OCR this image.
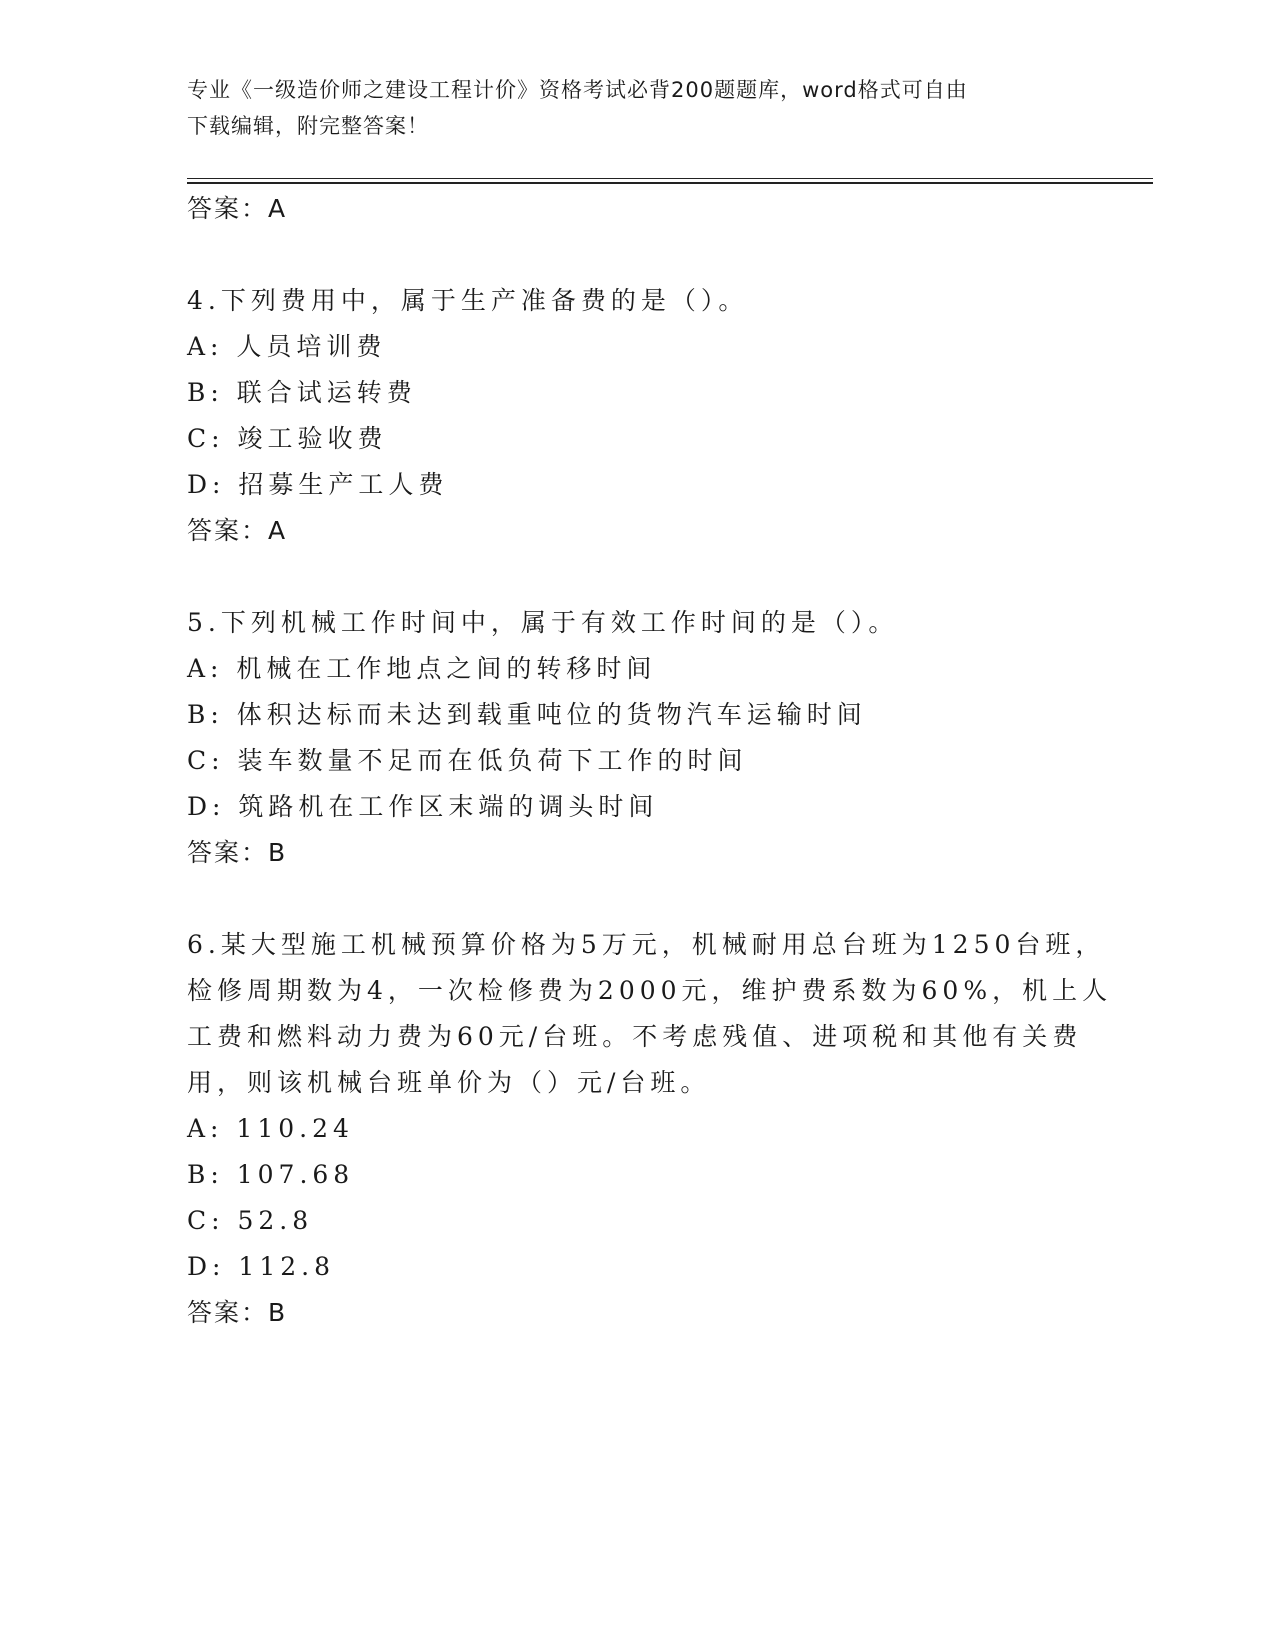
专业《一级造价师之建设工程计价》资格考试必背200题题库，word格式可自由
下载编辑，附完整答案！
答案：A
4.下列费用中，属于生产准备费的是（）。
A: 人员培训费
B: 联合试运转费
C: 竣工验收费
D: 招募生产工人费
答案：A
5.下列机械工作时间中，属于有效工作时间的是（）。
A: 机械在工作地点之间的转移时间
B: 体积达标而未达到载重吨位的货物汽车运输时间
C: 装车数量不足而在低负荷下工作的时间
D: 筑路机在工作区末端的调头时间
答案：B
6.某大型施工机械预算价格为5万元，机械耐用总台班为1250台班，
检修周期数为4，一次检修费为2000元，维护费系数为60%，机上人
工费和燃料动力费为60元/台班。不考虑残值、进项税和其他有关费
用，则该机械台班单价为（）元/台班。
A: 110.24
B: 107.68
C: 52.8
D: 112.8
答案：B
